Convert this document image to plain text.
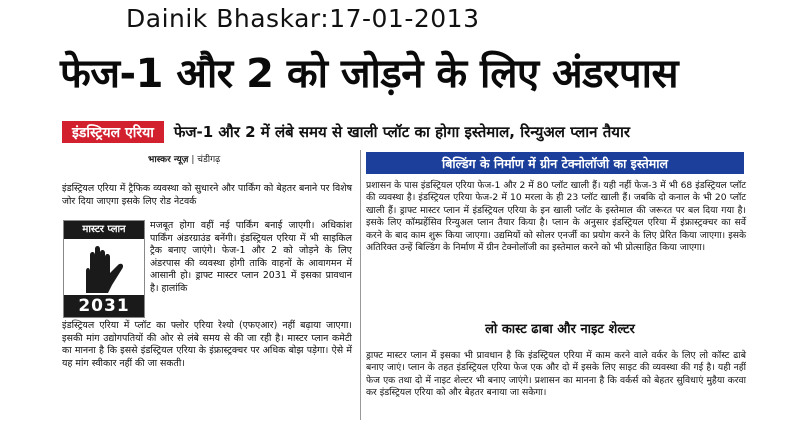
Dainik Bhaskar:17-01-2013
फेज-1 और 2 को जोड़ने के लिए अंडरपास
इंडस्ट्रियल एरिया	फेज-1 और 2 में लंबे समय से खाली प्लॉट का होगा इस्तेमाल, रिन्युअल प्लान तैयार
भास्कर न्यूज़ | चंडीगढ़
इंडस्ट्रियल एरिया में ट्रैफिक व्यवस्था को सुधारने और पार्किंग को बेहतर बनाने पर विशेष जोर दिया जाएगा इसके लिए रोड नेटवर्क
मास्टर प्लान
2031
मजबूत होगा वहीं नई पार्किंग बनाई जाएगी। अधिकांश पार्किंग अंडरग्राउंड बनेंगी। इंडस्ट्रियल एरिया में भी साइकिल ट्रैक बनाए जाएंगे। फेज-1 और 2 को जोड़ने के लिए अंडरपास की व्यवस्था होगी ताकि वाहनों के आवागमन में आसानी हो। ड्राफ्ट मास्टर प्लान 2031 में इसका प्रावधान है। हालांकि
इंडस्ट्रियल एरिया में प्लॉट का फ्लोर एरिया रेश्यो (एफएआर) नहीं बढ़ाया जाएगा। इसकी मांग उद्योगपतियों की ओर से लंबे समय से की जा रही है। मास्टर प्लान कमेटी का मानना है कि इससे इंडस्ट्रियल एरिया के इंफ्रास्ट्रक्चर पर अधिक बोझ पड़ेगा। ऐसे में यह मांग स्वीकार नहीं की जा सकती।
बिल्डिंग के निर्माण में ग्रीन टेक्नोलॉजी का इस्तेमाल
प्रशासन के पास इंडस्ट्रियल एरिया फेज-1 और 2 में 80 प्लॉट खाली हैं। यही नहीं फेज-3 में भी 68 इंडस्ट्रियल प्लॉट की व्यवस्था है। इंडस्ट्रियल एरिया फेज-2 में 10 मरला के ही 23 प्लॉट खाली हैं। जबकि दो कनाल के भी 20 प्लॉट खाली हैं। ड्राफ्ट मास्टर प्लान में इंडस्ट्रियल एरिया के इन खाली प्लॉट के इस्तेमाल की जरूरत पर बल दिया गया है। इसके लिए कॉम्प्रहेंसिव रिन्युअल प्लान तैयार किया है। प्लान के अनुसार इंडस्ट्रियल एरिया में इंफ्रास्ट्रक्चर का सर्वे करने के बाद काम शुरू किया जाएगा। उद्यमियों को सोलर एनर्जी का प्रयोग करने के लिए प्रेरित किया जाएगा। इसके अतिरिक्त उन्हें बिल्डिंग के निर्माण में ग्रीन टेक्नोलॉजी का इस्तेमाल करने को भी प्रोत्साहित किया जाएगा।
लो कास्ट ढाबा और नाइट शेल्टर
ड्राफ्ट मास्टर प्लान में इसका भी प्रावधान है कि इंडस्ट्रियल एरिया में काम करने वाले वर्कर के लिए लो कॉस्ट ढाबे बनाए जाएं। प्लान के तहत इंडस्ट्रियल एरिया फेज एक और दो में इसके लिए साइट की व्यवस्था की गई है। यही नहीं फेज एक तथा दो में नाइट शेल्टर भी बनाए जाएंगे। प्रशासन का मानना है कि वर्कर्स को बेहतर सुविधाएं मुहैया करवा कर इंडस्ट्रियल एरिया को और बेहतर बनाया जा सकेगा।
